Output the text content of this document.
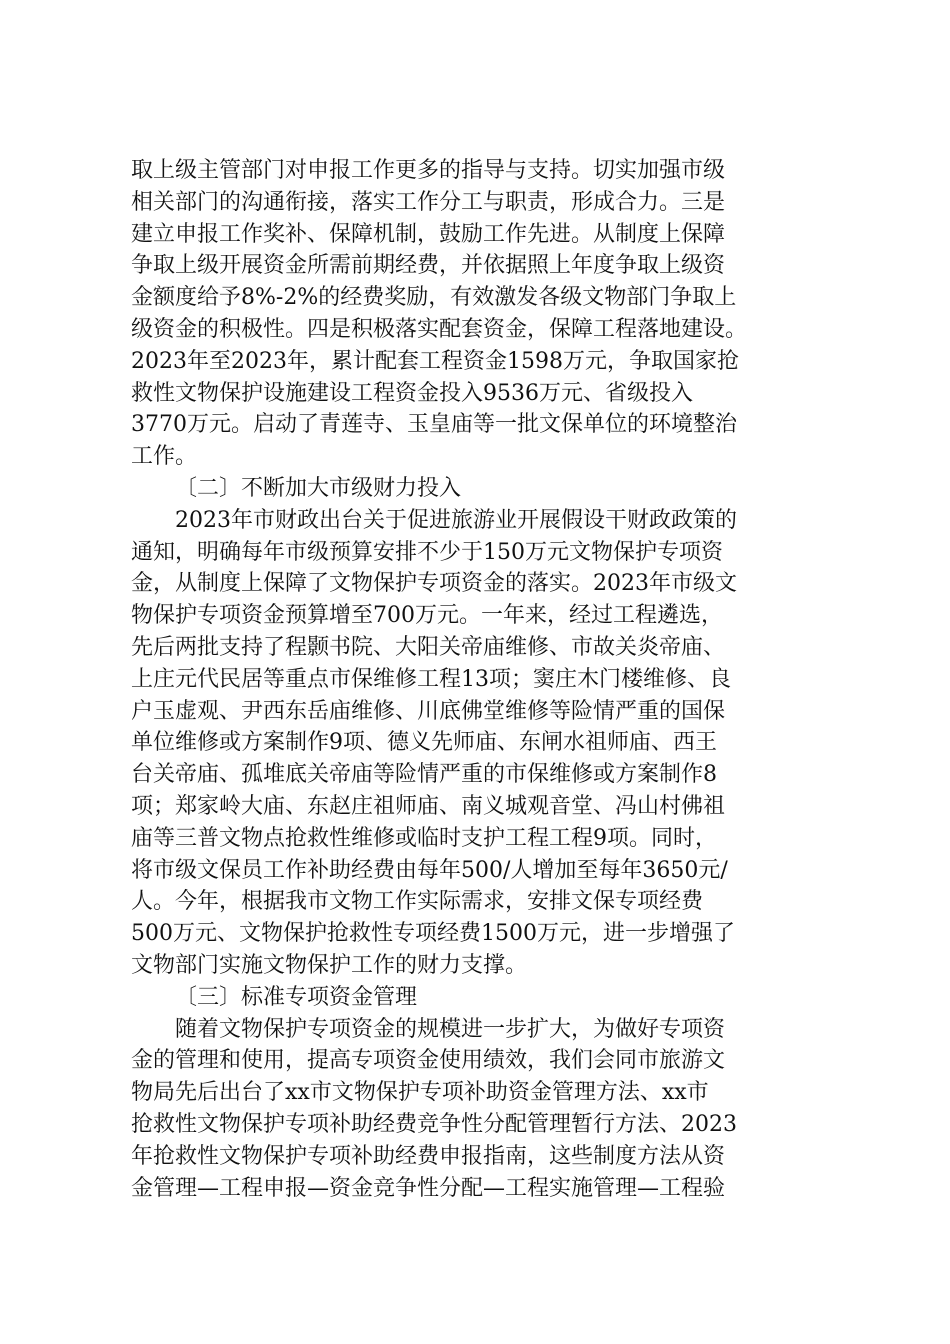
取上级主管部门对申报工作更多的指导与支持。切实加强市级
相关部门的沟通衔接，落实工作分工与职责，形成合力。三是
建立申报工作奖补、保障机制，鼓励工作先进。从制度上保障
争取上级开展资金所需前期经费，并依据照上年度争取上级资
金额度给予8%-2%的经费奖励，有效激发各级文物部门争取上
级资金的积极性。四是积极落实配套资金，保障工程落地建设。
2023年至2023年，累计配套工程资金1598万元，争取国家抢
救性文物保护设施建设工程资金投入9536万元、省级投入
3770万元。启动了青莲寺、玉皇庙等一批文保单位的环境整治
工作。
〔二〕不断加大市级财力投入
2023年市财政出台关于促进旅游业开展假设干财政政策的
通知，明确每年市级预算安排不少于150万元文物保护专项资
金，从制度上保障了文物保护专项资金的落实。2023年市级文
物保护专项资金预算增至700万元。一年来，经过工程遴选，
先后两批支持了程颢书院、大阳关帝庙维修、市故关炎帝庙、
上庄元代民居等重点市保维修工程13项；窦庄木门楼维修、良
户玉虚观、尹西东岳庙维修、川底佛堂维修等险情严重的国保
单位维修或方案制作9项、德义先师庙、东闸水祖师庙、西王
台关帝庙、孤堆底关帝庙等险情严重的市保维修或方案制作8
项；郑家岭大庙、东赵庄祖师庙、南义城观音堂、冯山村佛祖
庙等三普文物点抢救性维修或临时支护工程工程9项。同时，
将市级文保员工作补助经费由每年500/人增加至每年3650元/
人。今年，根据我市文物工作实际需求，安排文保专项经费
500万元、文物保护抢救性专项经费1500万元，进一步增强了
文物部门实施文物保护工作的财力支撑。
〔三〕标准专项资金管理
随着文物保护专项资金的规模进一步扩大，为做好专项资
金的管理和使用，提高专项资金使用绩效，我们会同市旅游文
物局先后出台了xx市文物保护专项补助资金管理方法、xx市
抢救性文物保护专项补助经费竞争性分配管理暂行方法、2023
年抢救性文物保护专项补助经费申报指南，这些制度方法从资
金管理—工程申报—资金竞争性分配—工程实施管理—工程验
